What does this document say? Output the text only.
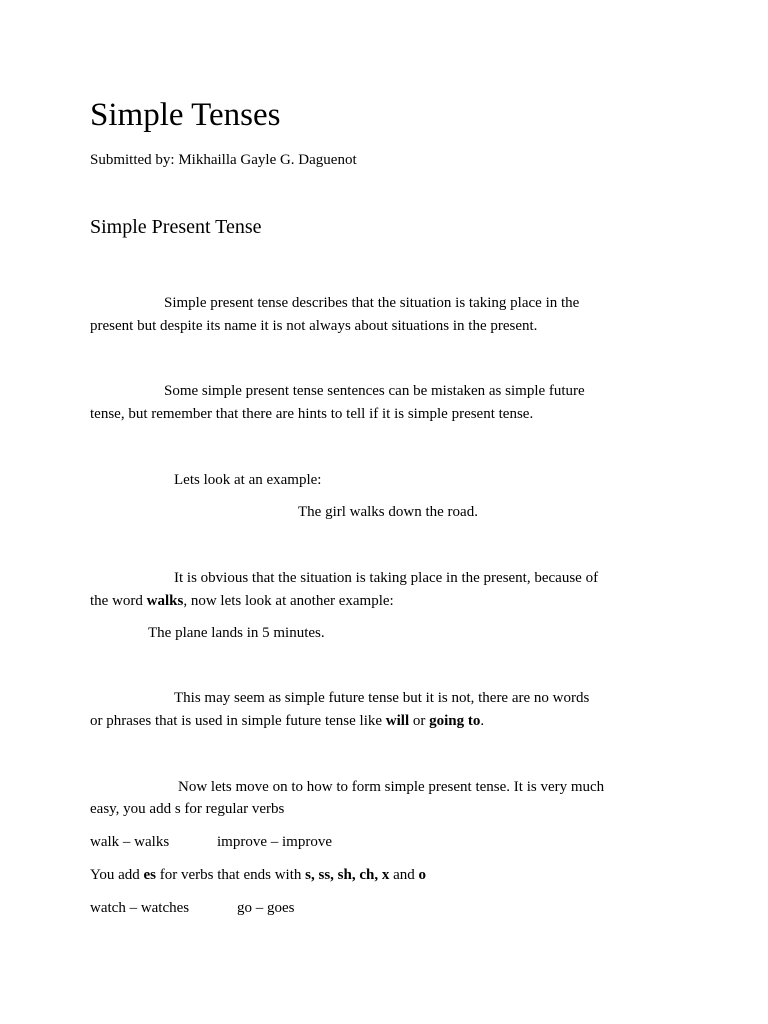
Simple Tenses
Submitted by: Mikhailla Gayle G. Daguenot
Simple Present Tense
Simple present tense describes that the situation is taking place in the
present but despite its name it is not always about situations in the present.
Some simple present tense sentences can be mistaken as simple future
tense, but remember that there are hints to tell if it is simple present tense.
Lets look at an example:
The girl walks down the road.
It is obvious that the situation is taking place in the present, because of
the word walks, now lets look at another example:
The plane lands in 5 minutes.
This may seem as simple future tense but it is not, there are no words
or phrases that is used in simple future tense like will or going to.
Now lets move on to how to form simple present tense. It is very much
easy, you add s for regular verbs
walk – walks	improve – improve
You add es for verbs that ends with s, ss, sh, ch, x and o
watch – watches	go – goes
